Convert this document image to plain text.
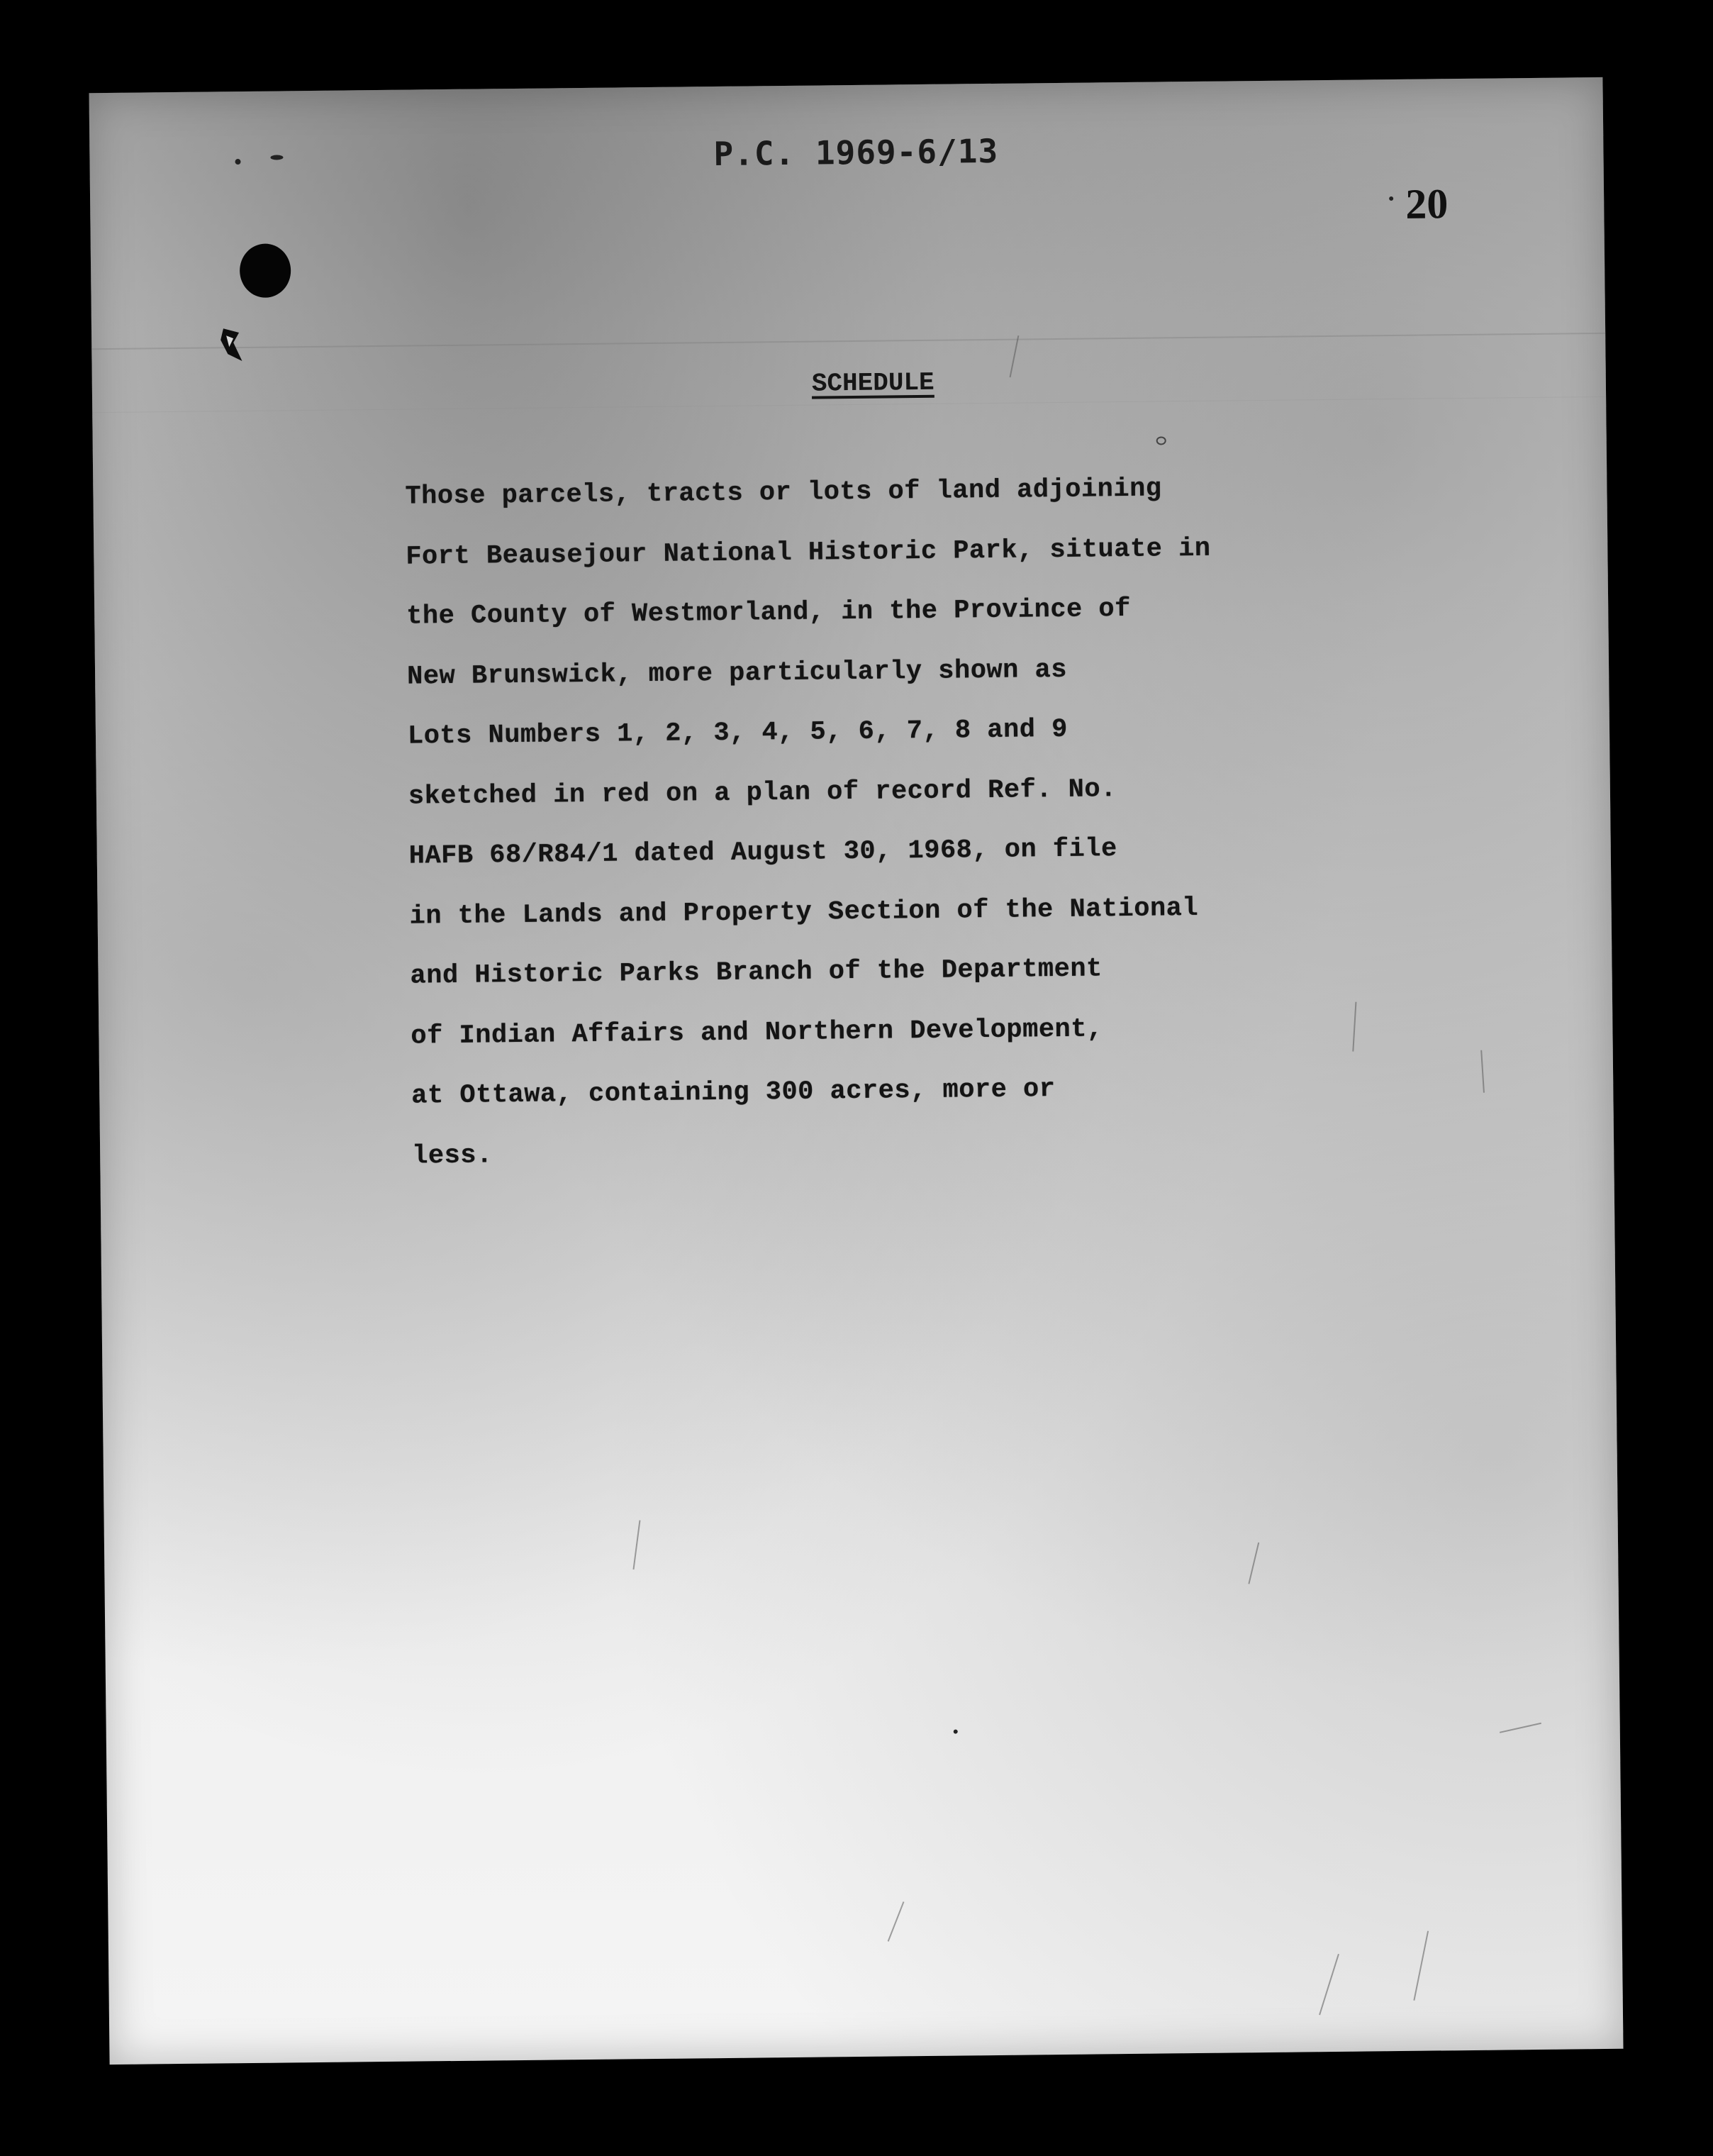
P.C. 1969-6/13
20
SCHEDULE
Those parcels, tracts or lots of land adjoining
Fort Beausejour National Historic Park, situate in
the County of Westmorland, in the Province of
New Brunswick, more particularly shown as
Lots Numbers 1, 2, 3, 4, 5, 6, 7, 8 and 9
sketched in red on a plan of record Ref. No.
HAFB 68/R84/1 dated August 30, 1968, on file
in the Lands and Property Section of the National
and Historic Parks Branch of the Department
of Indian Affairs and Northern Development,
at Ottawa, containing 300 acres, more or
less.
